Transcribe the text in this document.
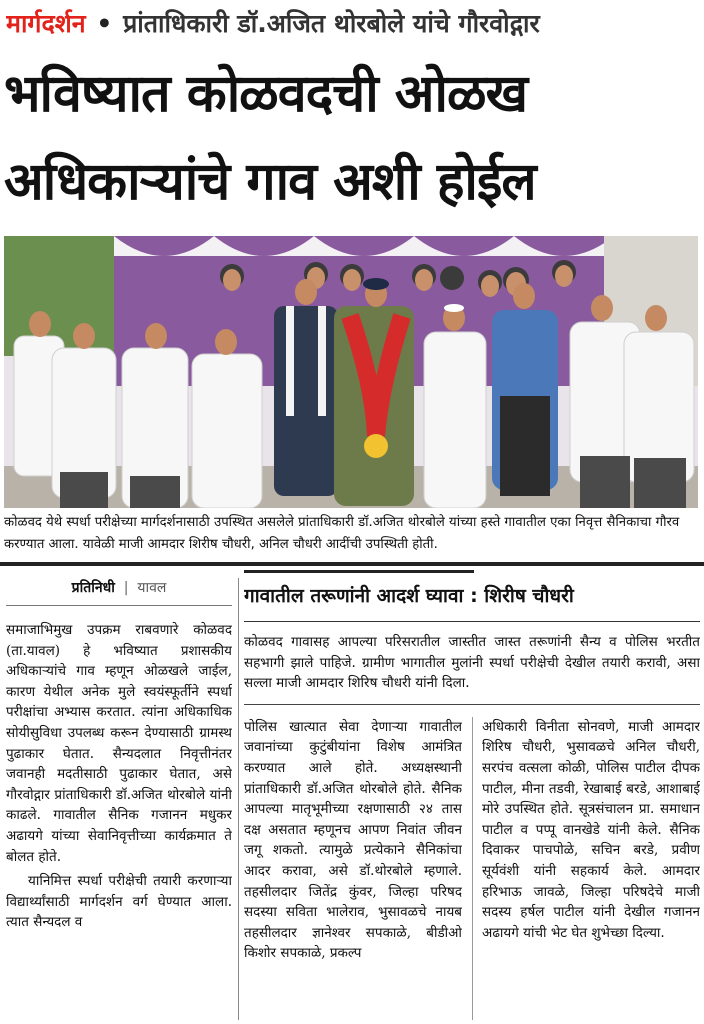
मार्गदर्शन • प्रांताधिकारी डॉ.अजित थोरबोले यांचे गौरवोद्गार
भविष्यात कोळवदची ओळख
अधिकाऱ्यांचे गाव अशी होईल
कोळवद येथे स्पर्धा परीक्षेच्या मार्गदर्शनासाठी उपस्थित असलेले प्रांताधिकारी डॉ.अजित थोरबोले यांच्या हस्ते गावातील एका निवृत्त सैनिकाचा गौरव करण्यात आला. यावेळी माजी आमदार शिरीष चौधरी, अनिल चौधरी आदींची उपस्थिती होती.
प्रतिनिधी | यावल

समाजाभिमुख उपक्रम राबवणारे कोळवद (ता.यावल) हे भविष्यात प्रशासकीय अधिकाऱ्यांचे गाव म्हणून ओळखले जाईल, कारण येथील अनेक मुले स्वयंस्फूर्तीने स्पर्धा परीक्षांचा अभ्यास करतात. त्यांना अधिकाधिक सोयीसुविधा उपलब्ध करून देण्यासाठी ग्रामस्थ पुढाकार घेतात. सैन्यदलात निवृत्तीनंतर जवानही मदतीसाठी पुढाकार घेतात, असे गौरवोद्गार प्रांताधिकारी डॉ.अजित थोरबोले यांनी काढले. गावातील सैनिक गजानन मधुकर अढायगे यांच्या सेवानिवृत्तीच्या कार्यक्रमात ते बोलत होते.

यानिमित्त स्पर्धा परीक्षेची तयारी करणाऱ्या विद्यार्थ्यांसाठी मार्गदर्शन वर्ग घेण्यात आला. त्यात सैन्यदल व

गावातील तरूणांनी आदर्श घ्यावा : शिरीष चौधरी
कोळवद गावासह आपल्या परिसरातील जास्तीत जास्त तरूणांनी सैन्य व पोलिस भरतीत सहभागी झाले पाहिजे. ग्रामीण भागातील मुलांनी स्पर्धा परीक्षेची देखील तयारी करावी, असा सल्ला माजी आमदार शिरिष चौधरी यांनी दिला.
पोलिस खात्यात सेवा देणाऱ्या गावातील जवानांच्या कुटुंबीयांना विशेष आमंत्रित करण्यात आले होते. अध्यक्षस्थानी प्रांताधिकारी डॉ.अजित थोरबोले होते. सैनिक आपल्या मातृभूमीच्या रक्षणासाठी २४ तास दक्ष असतात म्हणूनच आपण निवांत जीवन जगू शकतो. त्यामुळे प्रत्येकाने सैनिकांचा आदर करावा, असे डॉ.थोरबोले म्हणाले. तहसीलदार जितेंद्र कुंवर, जिल्हा परिषद सदस्या सविता भालेराव, भुसावळचे नायब तहसीलदार ज्ञानेश्वर सपकाळे, बीडीओ किशोर सपकाळे, प्रकल्प
अधिकारी विनीता सोनवणे, माजी आमदार शिरिष चौधरी, भुसावळचे अनिल चौधरी, सरपंच वत्सला कोळी, पोलिस पाटील दीपक पाटील, मीना तडवी, रेखाबाई बरडे, आशाबाई मोरे उपस्थित होते. सूत्रसंचालन प्रा. समाधान पाटील व पप्पू वानखेडे यांनी केले. सैनिक दिवाकर पाचपोळे, सचिन बरडे, प्रवीण सूर्यवंशी यांनी सहकार्य केले. आमदार हरिभाऊ जावळे, जिल्हा परिषदेचे माजी सदस्य हर्षल पाटील यांनी देखील गजानन अढायगे यांची भेट घेत शुभेच्छा दिल्या.
